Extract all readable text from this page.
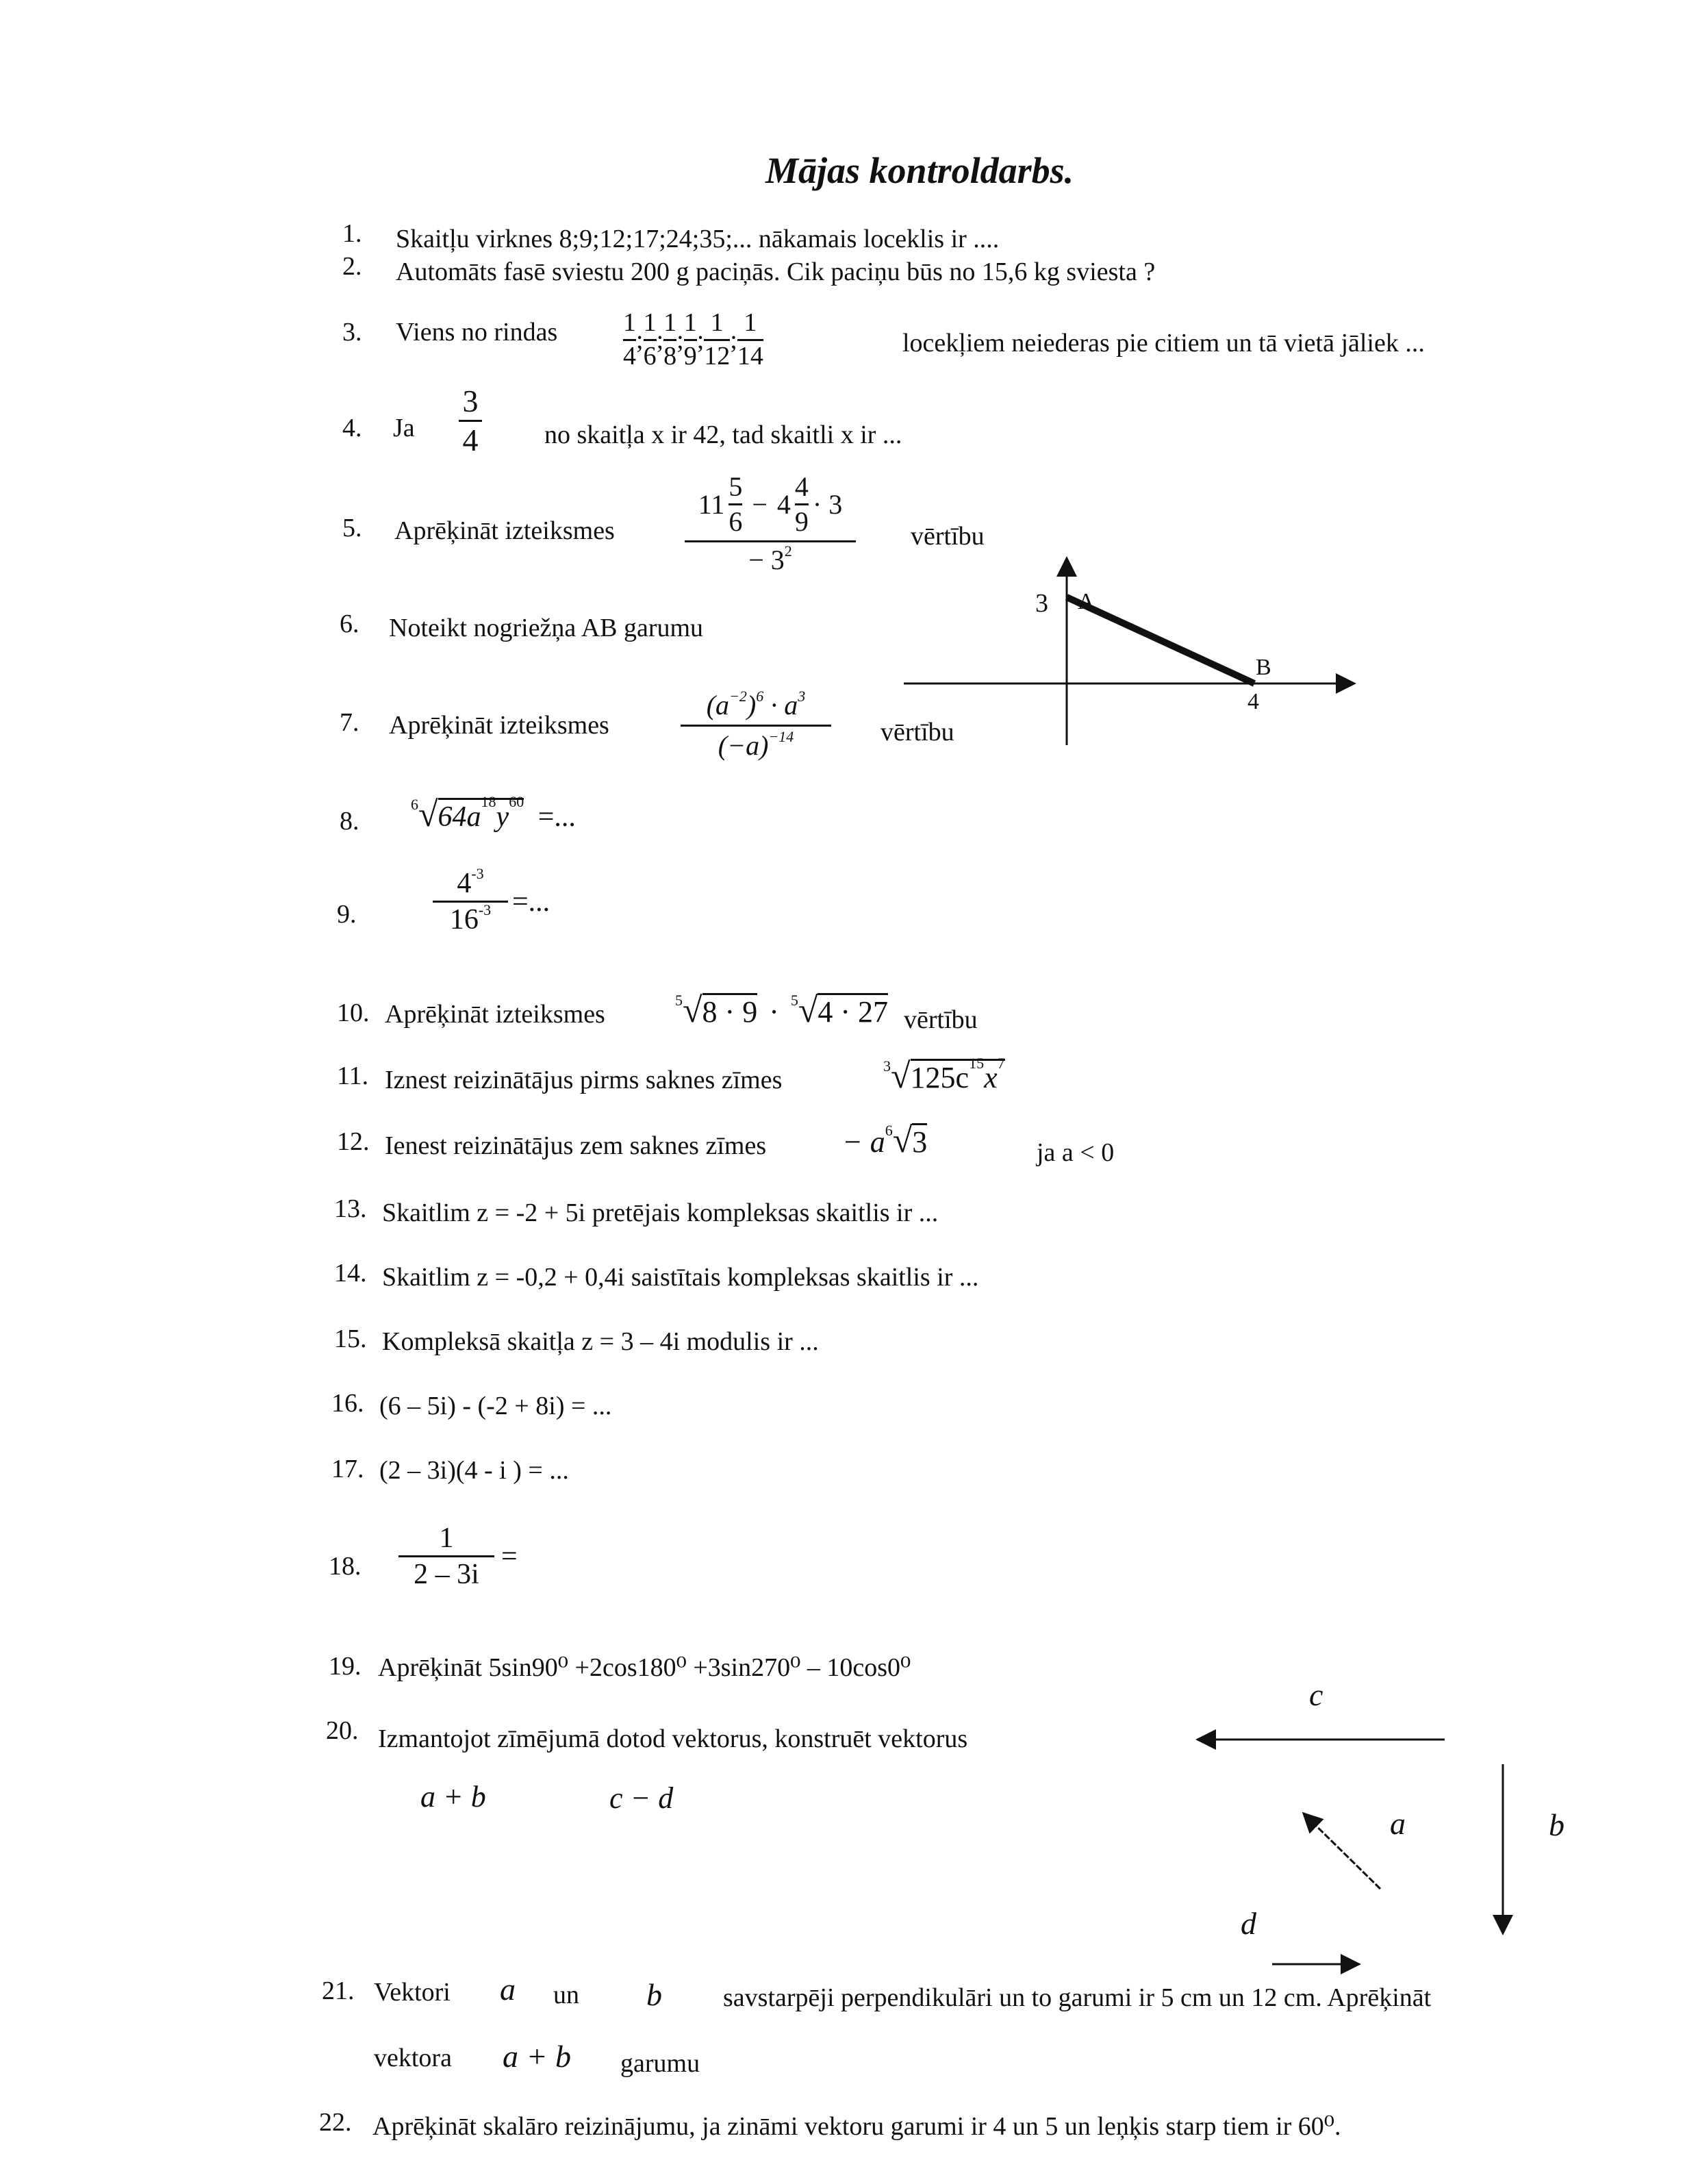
Mājas kontroldarbs.
1. Skaitļu virknes 8;9;12;17;24;35;... nākamais loceklis ir ....
2. Automāts fasē sviestu 200 g paciņās. Cik paciņu būs no 15,6 kg sviesta ?
3. Viens no rindas	$\frac{1}{4}$ ; $\frac{1}{6}$ ; $\frac{1}{8}$ ; $\frac{1}{9}$ ; $\frac{1}{12}$ ; $\frac{1}{14}$	locekļiem neiederas pie citiem un tā vietā jāliek ...
4. Ja $\frac{3}{4}$ no skaitļa x ir 42, tad skaitli x ir ...
5. Aprēķināt izteiksmes	$\frac{11 \frac{5}{6} - 4 \frac{4}{9} \cdot 3}{- 3^2}$ vērtību
6. Noteikt nogriežņa AB garumu
3 A
B
4
7. Aprēķināt izteiksmes	$\frac{(a^{-2})^6 \cdot a^3}{(-a)^{-14}}$ vērtību
8.
$^6√64a^{18}y^{60}$ =...
9.	$\frac{4^{-3}}{16^{-3}}$ =...
10. Aprēķināt izteiksmes	$^5$√8 · 9 · $^5$√4 · 27 vērtību
11. Iznest reizinātājus pirms saknes zīmes	$^3√125c^{15}x^7$
12. Ienest reizinātājus zem saknes zīmes	− $a^6√3$	ja a < 0
13. Skaitlim z = -2 + 5i pretējais kompleksas skaitlis ir ...
14. Skaitlim z = -0,2 + 0,4i saistītais kompleksas skaitlis ir ...
15. Kompleksā skaitļa z = 3 – 4i modulis ir ...
16. (6 – 5i) - (-2 + 8i) = ...
17. (2 – 3i)(4 - i ) = ...
18. $\frac{1}{2 - 3i}$ =
19. Aprēķināt 5sin90⁰ +2cos180⁰ +3sin270⁰ – 10cos0⁰
20. Izmantojot zīmējumā dotod vektorus, konstruēt vektorus
a + b	c − d
c
a	b
d
21. Vektori a un b savstarpēji perpendikulāri un to garumi ir 5 cm un 12 cm. Aprēķināt
vektora a + b garumu
22. Aprēķināt skalāro reizinājumu, ja zināmi vektoru garumi ir 4 un 5 un leņķis starp tiem ir 60⁰.
